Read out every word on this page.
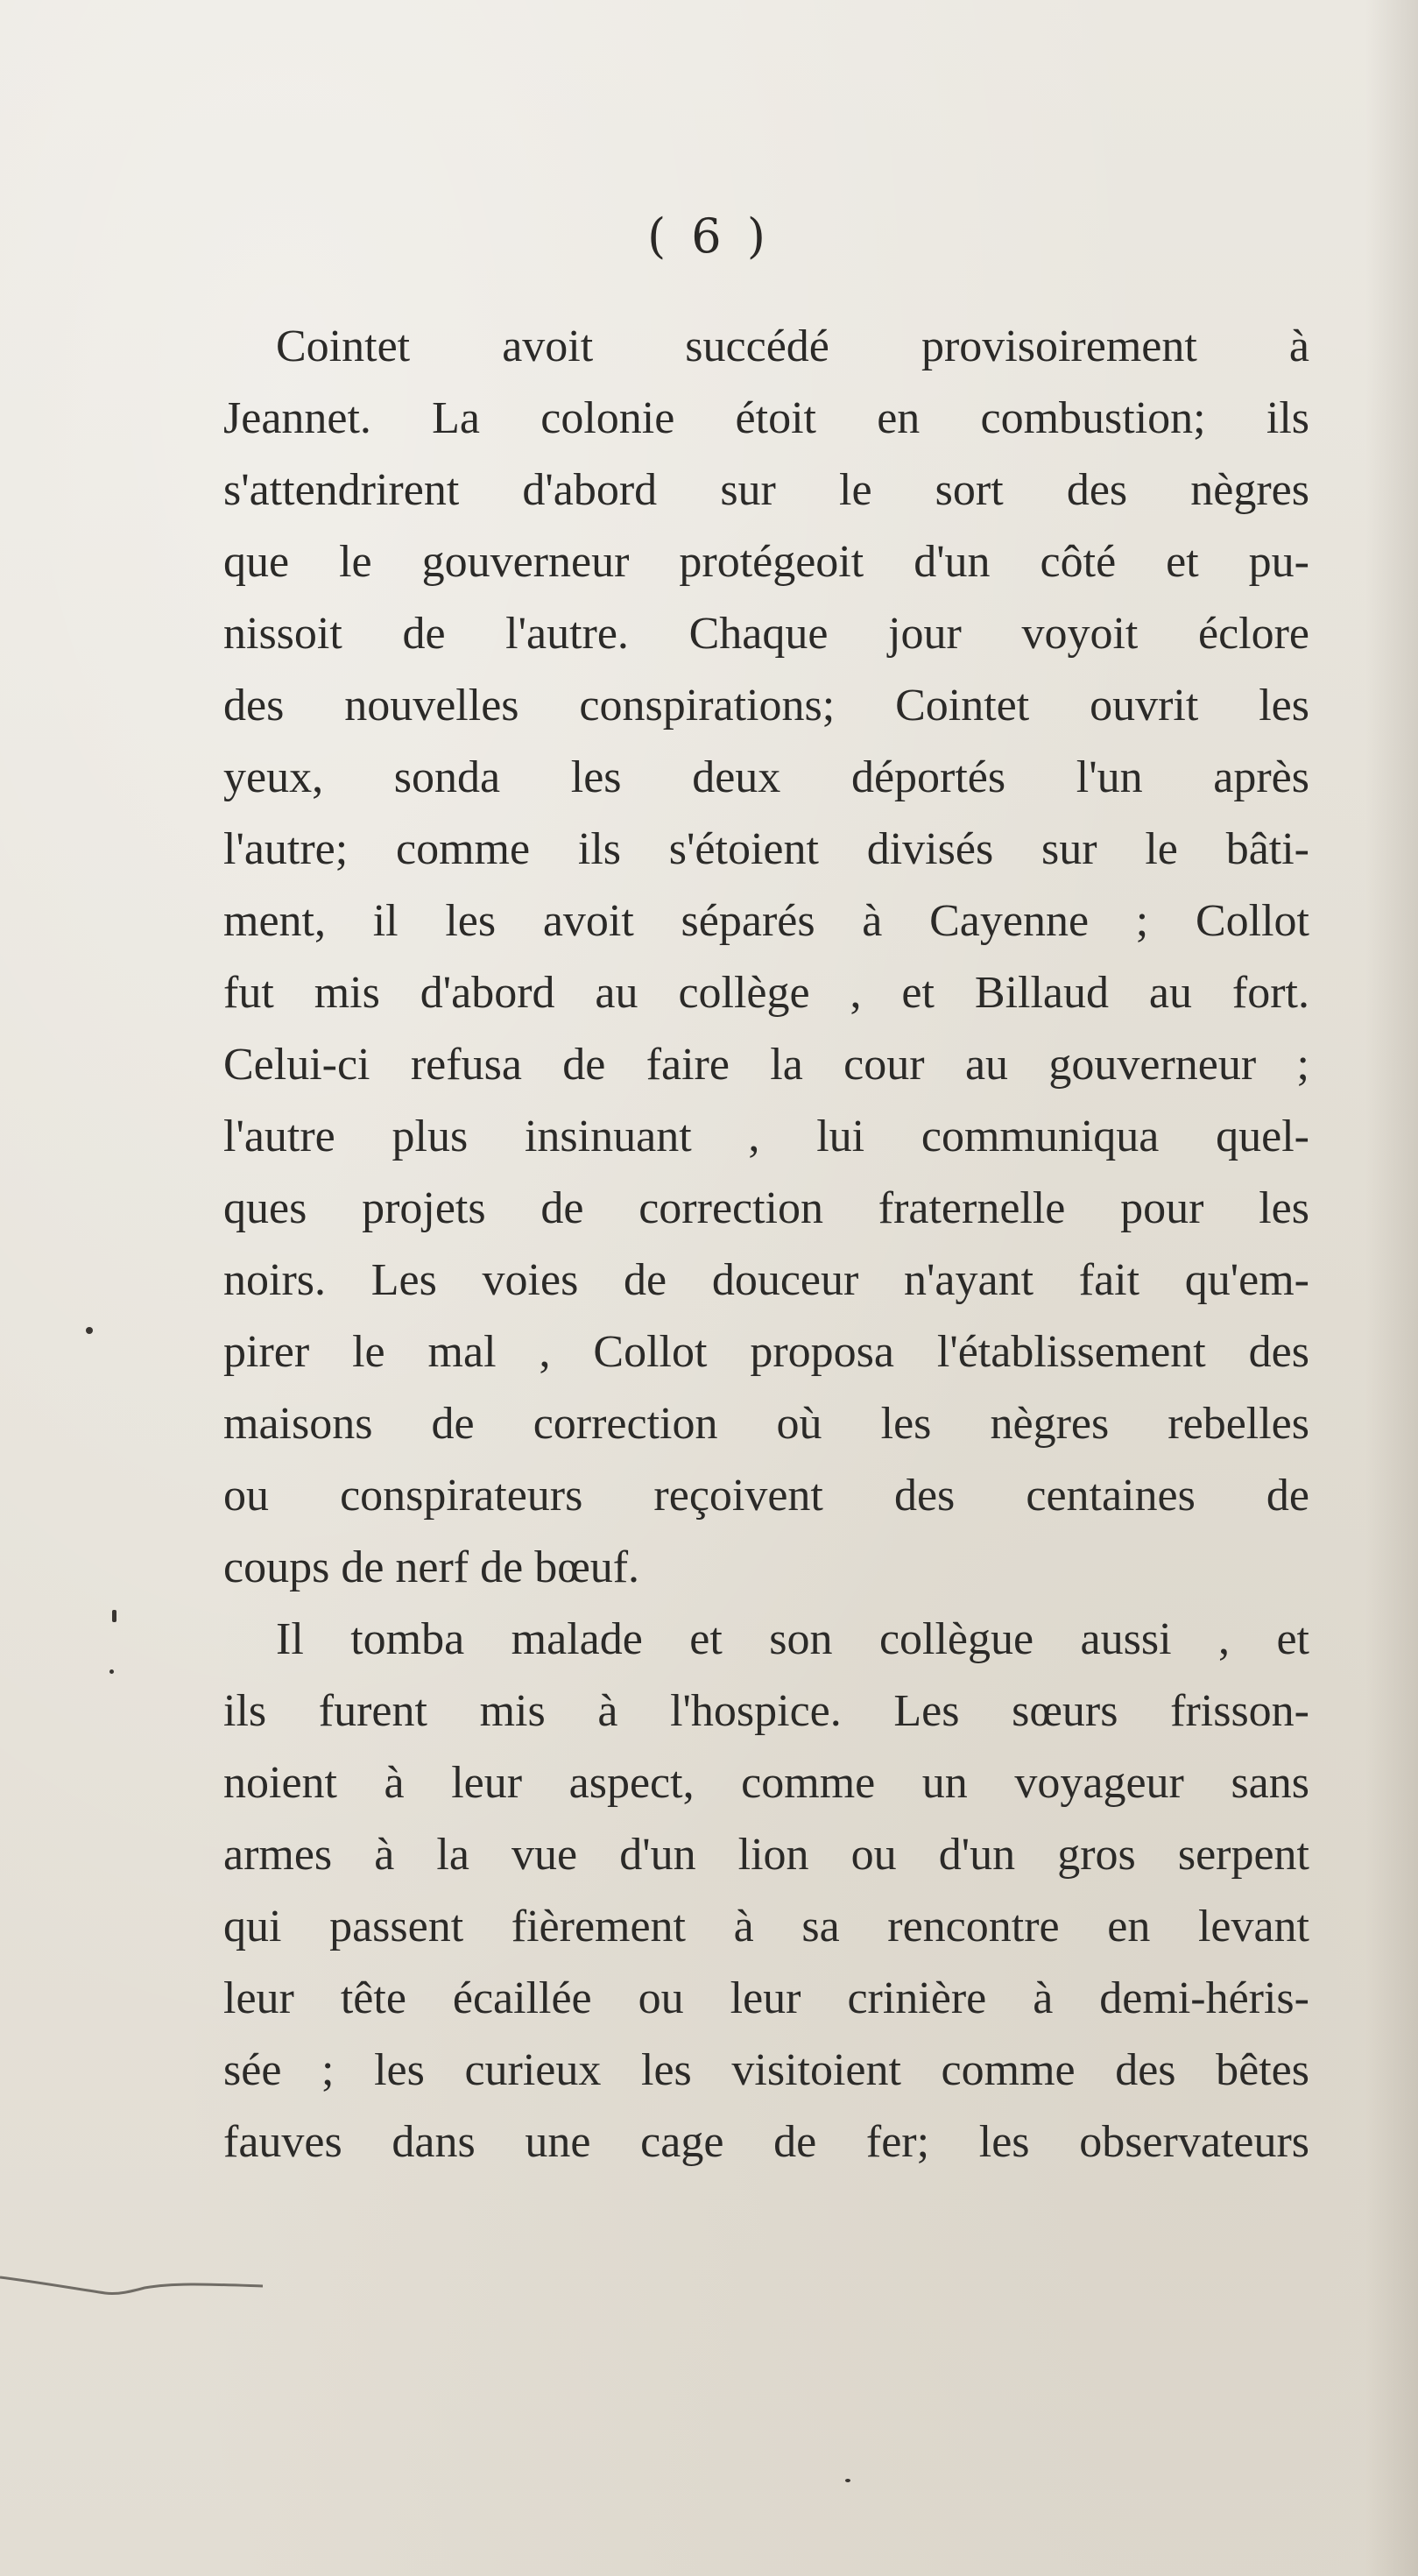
( 6 )
Cointet avoit succédé provisoirement à
Jeannet. La colonie étoit en combustion; ils
s'attendrirent d'abord sur le sort des nègres
que le gouverneur protégeoit d'un côté et pu-
nissoit de l'autre. Chaque jour voyoit éclore
des nouvelles conspirations; Cointet ouvrit les
yeux, sonda les deux déportés l'un après
l'autre; comme ils s'étoient divisés sur le bâti-
ment, il les avoit séparés à Cayenne ; Collot
fut mis d'abord au collège , et Billaud au fort.
Celui-ci refusa de faire la cour au gouverneur ;
l'autre plus insinuant , lui communiqua quel-
ques projets de correction fraternelle pour les
noirs. Les voies de douceur n'ayant fait qu'em-
pirer le mal , Collot proposa l'établissement des
maisons de correction où les nègres rebelles
ou conspirateurs reçoivent des centaines de
coups de nerf de bœuf.
Il tomba malade et son collègue aussi , et
ils furent mis à l'hospice. Les sœurs frisson-
noient à leur aspect, comme un voyageur sans
armes à la vue d'un lion ou d'un gros serpent
qui passent fièrement à sa rencontre en levant
leur tête écaillée ou leur crinière à demi-héris-
sée ; les curieux les visitoient comme des bêtes
fauves dans une cage de fer; les observateurs
